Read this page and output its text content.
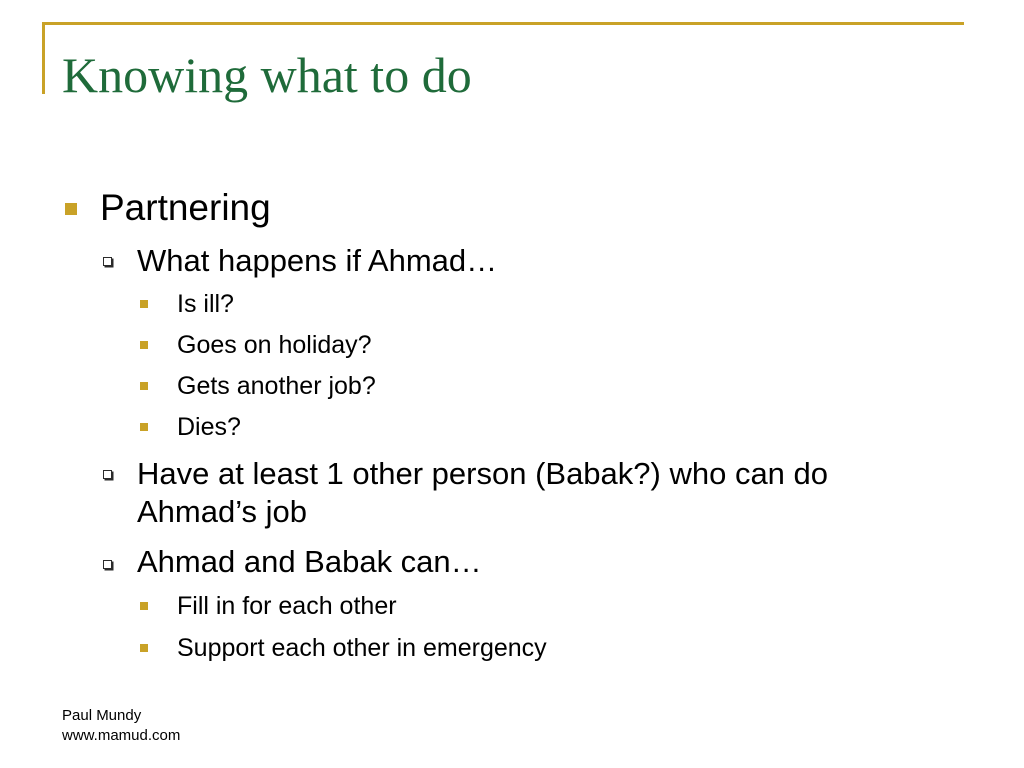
Knowing what to do
Partnering
What happens if Ahmad…
Is ill?
Goes on holiday?
Gets another job?
Dies?
Have at least 1 other person (Babak?) who can do
Ahmad’s job
Ahmad and Babak can…
Fill in for each other
Support each other in emergency
Paul Mundy
www.mamud.com
